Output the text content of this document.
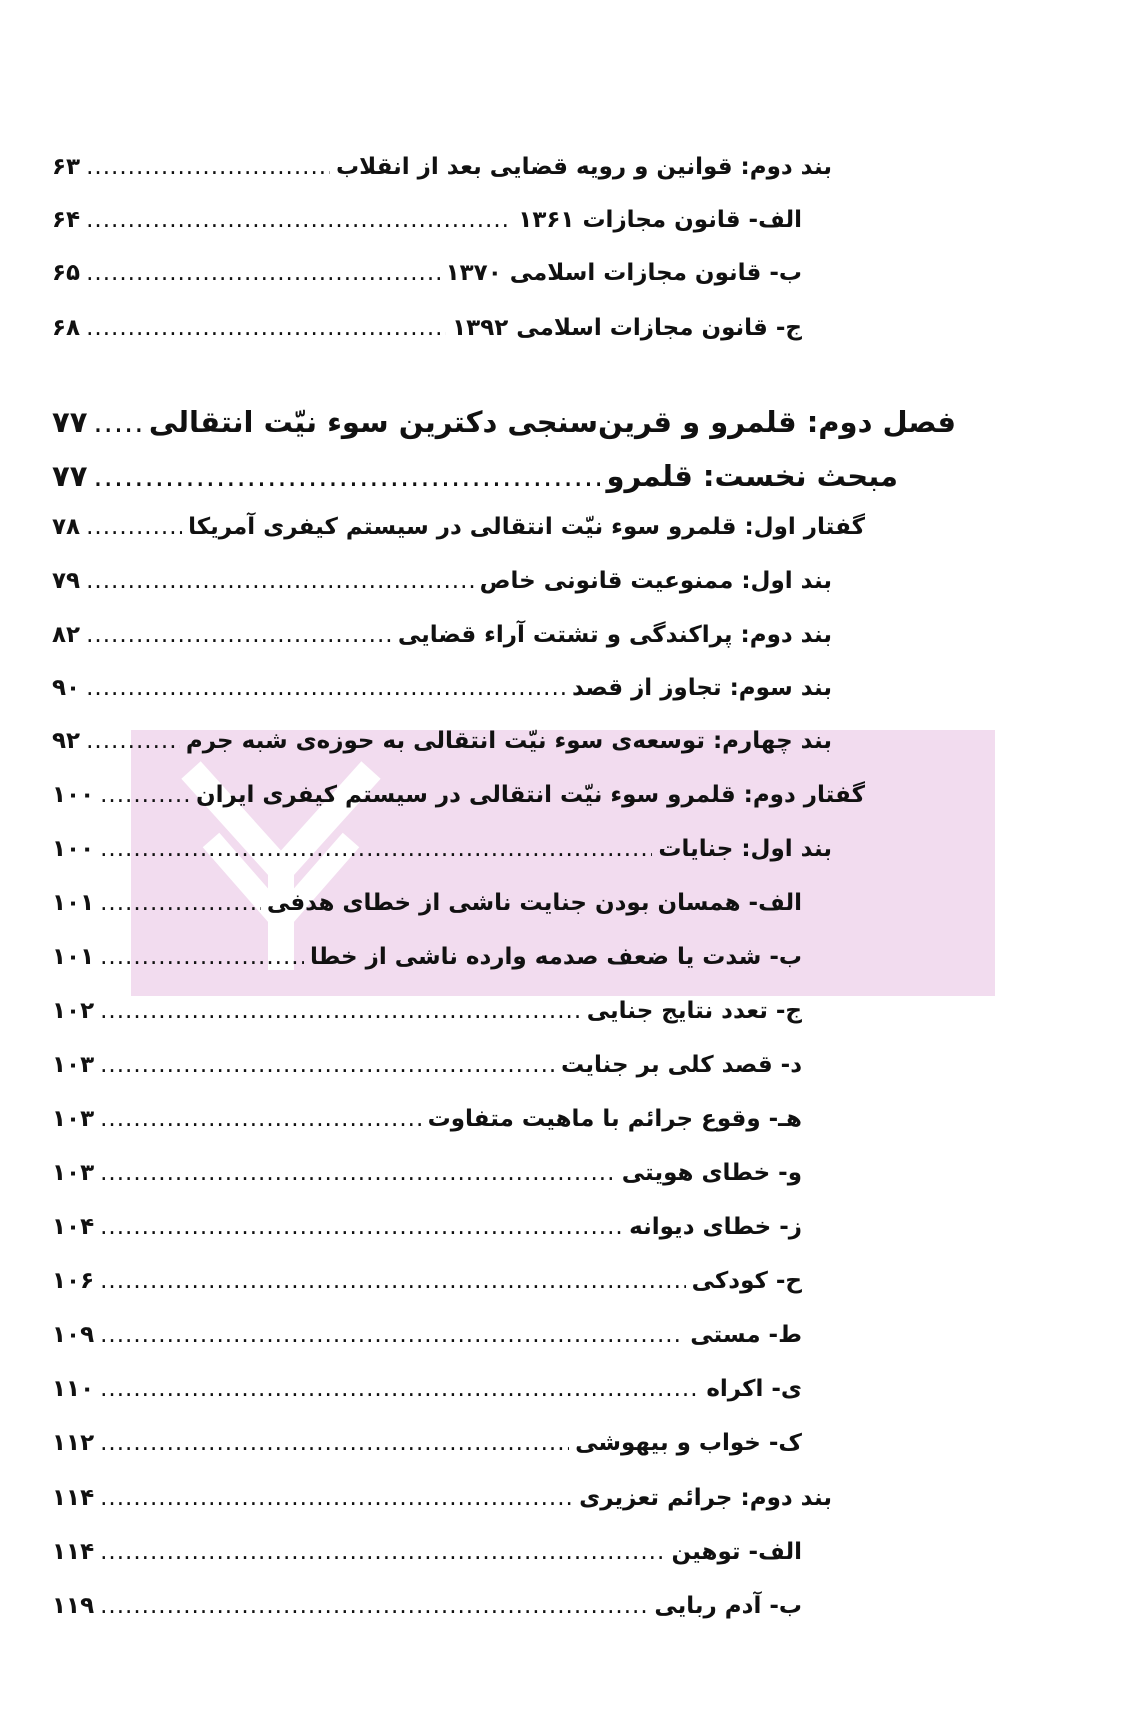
بند دوم: قوانین و رویه قضایی بعد از انقلاب
.....
۶۳
الف- قانون مجازات ۱۳۶۱
.....
۶۴
ب- قانون مجازات اسلامی ۱۳۷۰
.....
۶۵
ج- قانون مجازات اسلامی ۱۳۹۲
.....
۶۸
فصل دوم: قلمرو و قرین‌سنجی دکترین سوء نیّت انتقالی
.....
۷۷
مبحث نخست: قلمرو
.....
۷۷
گفتار اول: قلمرو سوء نیّت انتقالی در سیستم کیفری آمریکا
.....
۷۸
بند اول: ممنوعیت قانونی خاص
.....
۷۹
بند دوم: پراکندگی و تشتت آراء قضایی
.....
۸۲
بند سوم: تجاوز از قصد
.....
۹۰
بند چهارم: توسعه‌ی سوء نیّت انتقالی به حوزه‌ی شبه جرم
.....
۹۲
گفتار دوم: قلمرو سوء نیّت انتقالی در سیستم کیفری ایران
.....
۱۰۰
بند اول: جنایات
.....
۱۰۰
الف- همسان بودن جنایت ناشی از خطای هدفی
.....
۱۰۱
ب- شدت یا ضعف صدمه وارده ناشی از خطا
.....
۱۰۱
ج- تعدد نتایج جنایی
.....
۱۰۲
د- قصد کلی بر جنایت
.....
۱۰۳
هـ- وقوع جرائم با ماهیت متفاوت
.....
۱۰۳
و- خطای هویتی
.....
۱۰۳
ز- خطای دیوانه
.....
۱۰۴
ح- کودکی
.....
۱۰۶
ط- مستی
.....
۱۰۹
ی- اکراه
.....
۱۱۰
ک- خواب و بیهوشی
.....
۱۱۲
بند دوم: جرائم تعزیری
.....
۱۱۴
الف- توهین
.....
۱۱۴
ب- آدم ربایی
.....
۱۱۹
